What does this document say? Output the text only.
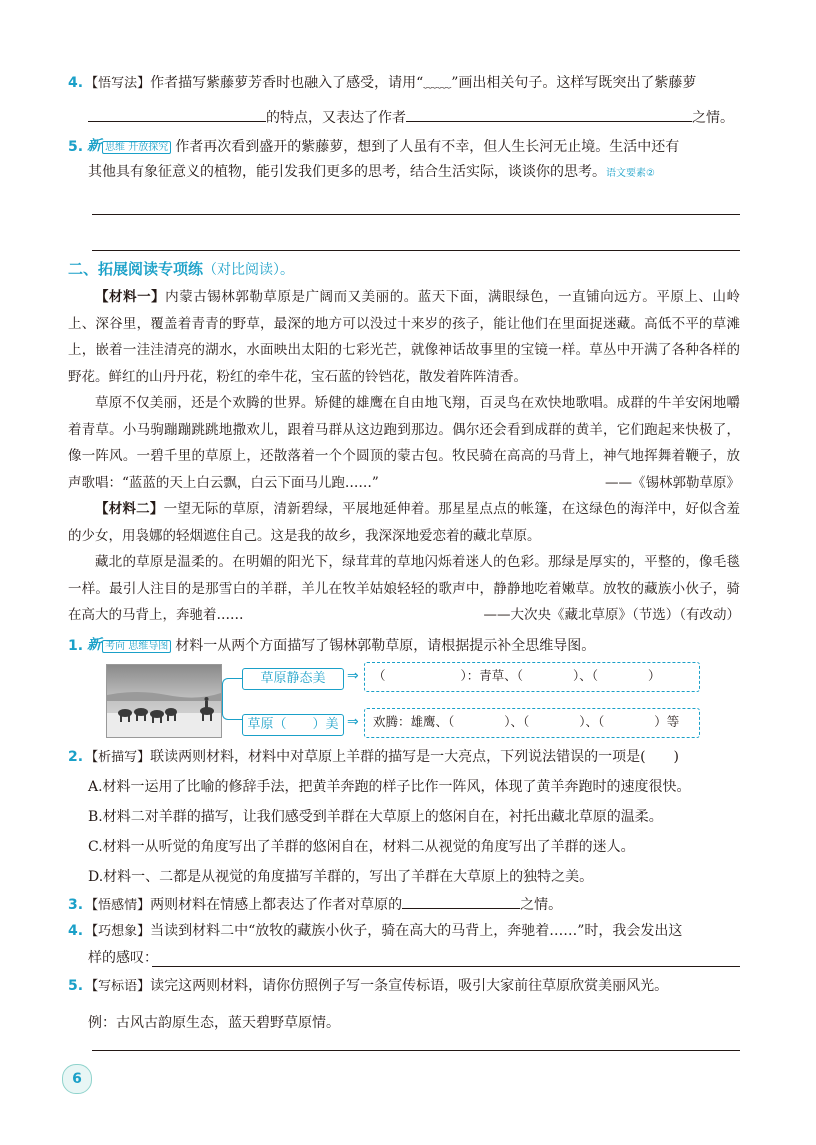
4. 【悟写法】作者描写紫藤萝芳香时也融入了感受，请用“﹏﹏”画出相关句子。这样写既突出了紫藤萝
的特点，又表达了作者	之情。
5. 新 思维 开放探究 作者再次看到盛开的紫藤萝，想到了人虽有不幸，但人生长河无止境。生活中还有
其他具有象征意义的植物，能引发我们更多的思考，结合生活实际，谈谈你的思考。语文要素②
二、拓展阅读专项练（对比阅读）。

【材料一】内蒙古锡林郭勒草原是广阔而又美丽的。蓝天下面，满眼绿色，一直铺向远方。平原上、山岭上、深谷里，覆盖着青青的野草，最深的地方可以没过十来岁的孩子，能让他们在里面捉迷藏。高低不平的草滩上，嵌着一洼洼清亮的湖水，水面映出太阳的七彩光芒，就像神话故事里的宝镜一样。草丛中开满了各种各样的野花。鲜红的山丹丹花，粉红的牵牛花，宝石蓝的铃铛花，散发着阵阵清香。

草原不仅美丽，还是个欢腾的世界。矫健的雄鹰在自由地飞翔，百灵鸟在欢快地歌唱。成群的牛羊安闲地嚼着青草。小马驹蹦蹦跳跳地撒欢儿，跟着马群从这边跑到那边。偶尔还会看到成群的黄羊，它们跑起来快极了，像一阵风。一碧千里的草原上，还散落着一个个圆顶的蒙古包。牧民骑在高高的马背上，神气地挥舞着鞭子，放声歌唱：“蓝蓝的天上白云飘，白云下面马儿跑……”	——《锡林郭勒草原》

【材料二】一望无际的草原，清新碧绿，平展地延伸着。那星星点点的帐篷，在这绿色的海洋中，好似含羞的少女，用袅娜的轻烟遮住自己。这是我的故乡，我深深地爱恋着的藏北草原。

藏北的草原是温柔的。在明媚的阳光下，绿茸茸的草地闪烁着迷人的色彩。那绿是厚实的，平整的，像毛毯一样。最引人注目的是那雪白的羊群，羊儿在牧羊姑娘轻轻的歌声中，静静地吃着嫩草。放牧的藏族小伙子，骑在高大的马背上，奔驰着……	——大次央《藏北草原》（节选）（有改动）

1. 新 考向 思维导图 材料一从两个方面描写了锡林郭勒草原，请根据提示补全思维导图。
草原静态美
草原（　　）美
⇒
⇒
（　　　　　　）：青草、（　　　　）、（　　　　）
欢腾：雄鹰、（　　　　）、（　　　　）、（　　　　）等
2. 【析描写】联读两则材料，材料中对草原上羊群的描写是一大亮点，下列说法错误的一项是(　　)
A.材料一运用了比喻的修辞手法，把黄羊奔跑的样子比作一阵风，体现了黄羊奔跑时的速度很快。
B.材料二对羊群的描写，让我们感受到羊群在大草原上的悠闲自在，衬托出藏北草原的温柔。
C.材料一从听觉的角度写出了羊群的悠闲自在，材料二从视觉的角度写出了羊群的迷人。
D.材料一、二都是从视觉的角度描写羊群的，写出了羊群在大草原上的独特之美。
3. 【悟感情】两则材料在情感上都表达了作者对草原的	之情。
4. 【巧想象】当读到材料二中“放牧的藏族小伙子，骑在高大的马背上，奔驰着……”时，我会发出这
样的感叹：
5. 【写标语】读完这两则材料，请你仿照例子写一条宣传标语，吸引大家前往草原欣赏美丽风光。
例：古风古韵原生态，蓝天碧野草原情。
6
